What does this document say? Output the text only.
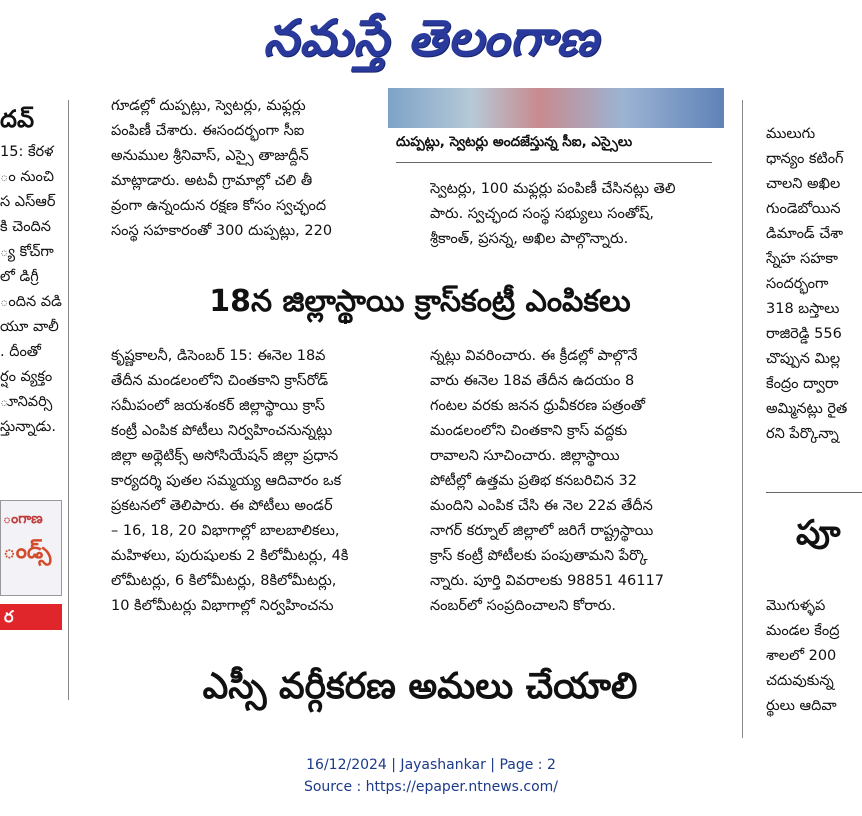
నమస్తే తెలంగాణ

దవ్

15: కేరళ

ం నుంచి

స ఎస్ఆర్

కి చెందిన

్య కోచ్‌గా

లో డిగ్రీ

ందిన వడి

యూ వాలీ

. దీంతో

ర్షం వ్యక్తం

ూనివర్సి

స్తున్నాడు.

ంగాణ
ండ్స్
ర

గూడల్లో దుప్పట్లు, స్వెటర్లు, మఫ్లర్లు

పంపిణీ చేశారు. ఈసందర్భంగా సీఐ

అనుముల శ్రీనివాస్, ఎస్సై తాజుద్దీన్

మాట్లాడారు. అటవీ గ్రామాల్లో చలి తీ

వ్రంగా ఉన్నందున రక్షణ కోసం స్వచ్ఛంద

సంస్థ సహకారంతో 300 దుప్పట్లు, 220

దుప్పట్లు, స్వెటర్లు అందజేస్తున్న సీఐ, ఎస్సైలు

స్వెటర్లు, 100 మఫ్లర్లు పంపిణీ చేసినట్లు తెలి

పారు. స్వచ్ఛంద సంస్థ సభ్యులు సంతోష్,

శ్రీకాంత్, ప్రసన్న, అఖిల పాల్గొన్నారు.

18న జిల్లాస్థాయి క్రాస్‌కంట్రీ ఎంపికలు

కృష్ణకాలనీ, డిసెంబర్ 15: ఈనెల 18వ

తేదీన మండలంలోని చింతకాని క్రాస్‌రోడ్

సమీపంలో జయశంకర్ జిల్లాస్థాయి క్రాస్

కంట్రీ ఎంపిక పోటీలు నిర్వహించనున్నట్లు

జిల్లా అథ్లెటిక్స్ అసోసియేషన్ జిల్లా ప్రధాన

కార్యదర్శి పుతల సమ్మయ్య ఆదివారం ఒక

ప్రకటనలో తెలిపారు. ఈ పోటీలు అండర్

– 16, 18, 20 విభాగాల్లో బాలబాలికలు,

మహిళలు, పురుషులకు 2 కిలోమీటర్లు, 4కి

లోమీటర్లు, 6 కిలోమీటర్లు, 8కిలోమీటర్లు,

10 కిలోమీటర్లు విభాగాల్లో నిర్వహించను

న్నట్లు వివరించారు. ఈ క్రీడల్లో పాల్గొనే

వారు ఈనెల 18వ తేదీన ఉదయం 8

గంటల వరకు జనన ధ్రువీకరణ పత్రంతో

మండలంలోని చింతకాని క్రాస్ వద్దకు

రావాలని సూచించారు. జిల్లాస్థాయి

పోటీల్లో ఉత్తమ ప్రతిభ కనబరిచిన 32

మందిని ఎంపిక చేసి ఈ నెల 22వ తేదీన

నాగర్ కర్నూల్ జిల్లాలో జరిగే రాష్ట్రస్థాయి

క్రాస్ కంట్రీ పోటీలకు పంపుతామని పేర్కొ

న్నారు. పూర్తి వివరాలకు 98851 46117

నంబర్‌లో సంప్రదించాలని కోరారు.

ఎస్సీ వర్గీకరణ అమలు చేయాలి

ములుగు

ధాన్యం కటింగ్

చాలని అఖిల

గుండెబోయిన

డిమాండ్ చేశా

స్నేహ సహకా

సందర్భంగా

318 బస్తాలు

రాజిరెడ్డి 556

చొప్పున మిల్ల

కేంద్రం ద్వారా

అమ్మినట్లు రైత

రని పేర్కొన్నా

పూ

మొగుళ్ళప

మండల కేంద్ర

శాలలో 200

చదువుకున్న

ర్థులు ఆదివా

16/12/2024 | Jayashankar | Page : 2
Source : https://epaper.ntnews.com/
